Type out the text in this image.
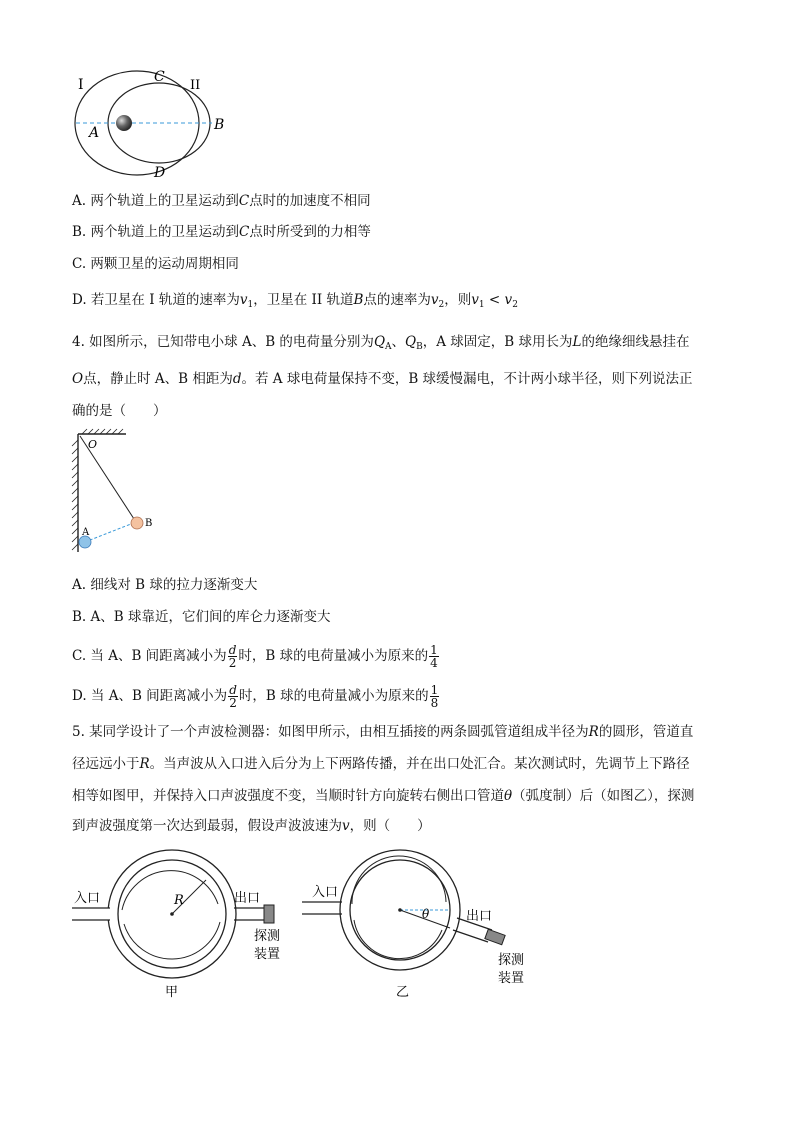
I	II
C
A	B
D
A. 两个轨道上的卫星运动到C点时的加速度不相同
B. 两个轨道上的卫星运动到C点时所受到的力相等
C. 两颗卫星的运动周期相同
D. 若卫星在 I 轨道的速率为$v_1$，卫星在 II 轨道B点的速率为$v_2$，则$v_1 < v_2$
4. 如图所示，已知带电小球 A、B 的电荷量分别为$Q_A$、$Q_B$，A 球固定，B 球用长为L的绝缘细线悬挂在
O点，静止时 A、B 相距为d。若 A 球电荷量保持不变，B 球缓慢漏电，不计两小球半径，则下列说法正
确的是（　　）
O
A
B
A. 细线对 B 球的拉力逐渐变大
B. A、B 球靠近，它们间的库仑力逐渐变大
C. 当 A、B 间距离减小为 $\frac{d}{2}$ 时，B 球的电荷量减小为原来的 $\frac{1}{4}$
D. 当 A、B 间距离减小为 $\frac{d}{2}$ 时，B 球的电荷量减小为原来的 $\frac{1}{8}$
5. 某同学设计了一个声波检测器：如图甲所示，由相互插接的两条圆弧管道组成半径为R的圆形，管道直
径远远小于R。当声波从入口进入后分为上下两路传播，并在出口处汇合。某次测试时，先调节上下路径
相等如图甲，并保持入口声波强度不变，当顺时针方向旋转右侧出口管道θ（弧度制）后（如图乙），探测
到声波强度第一次达到最弱，假设声波波速为v，则（　　）
R
入口	出口
探测
装置
甲
θ
入口
出口
探测
装置
乙
